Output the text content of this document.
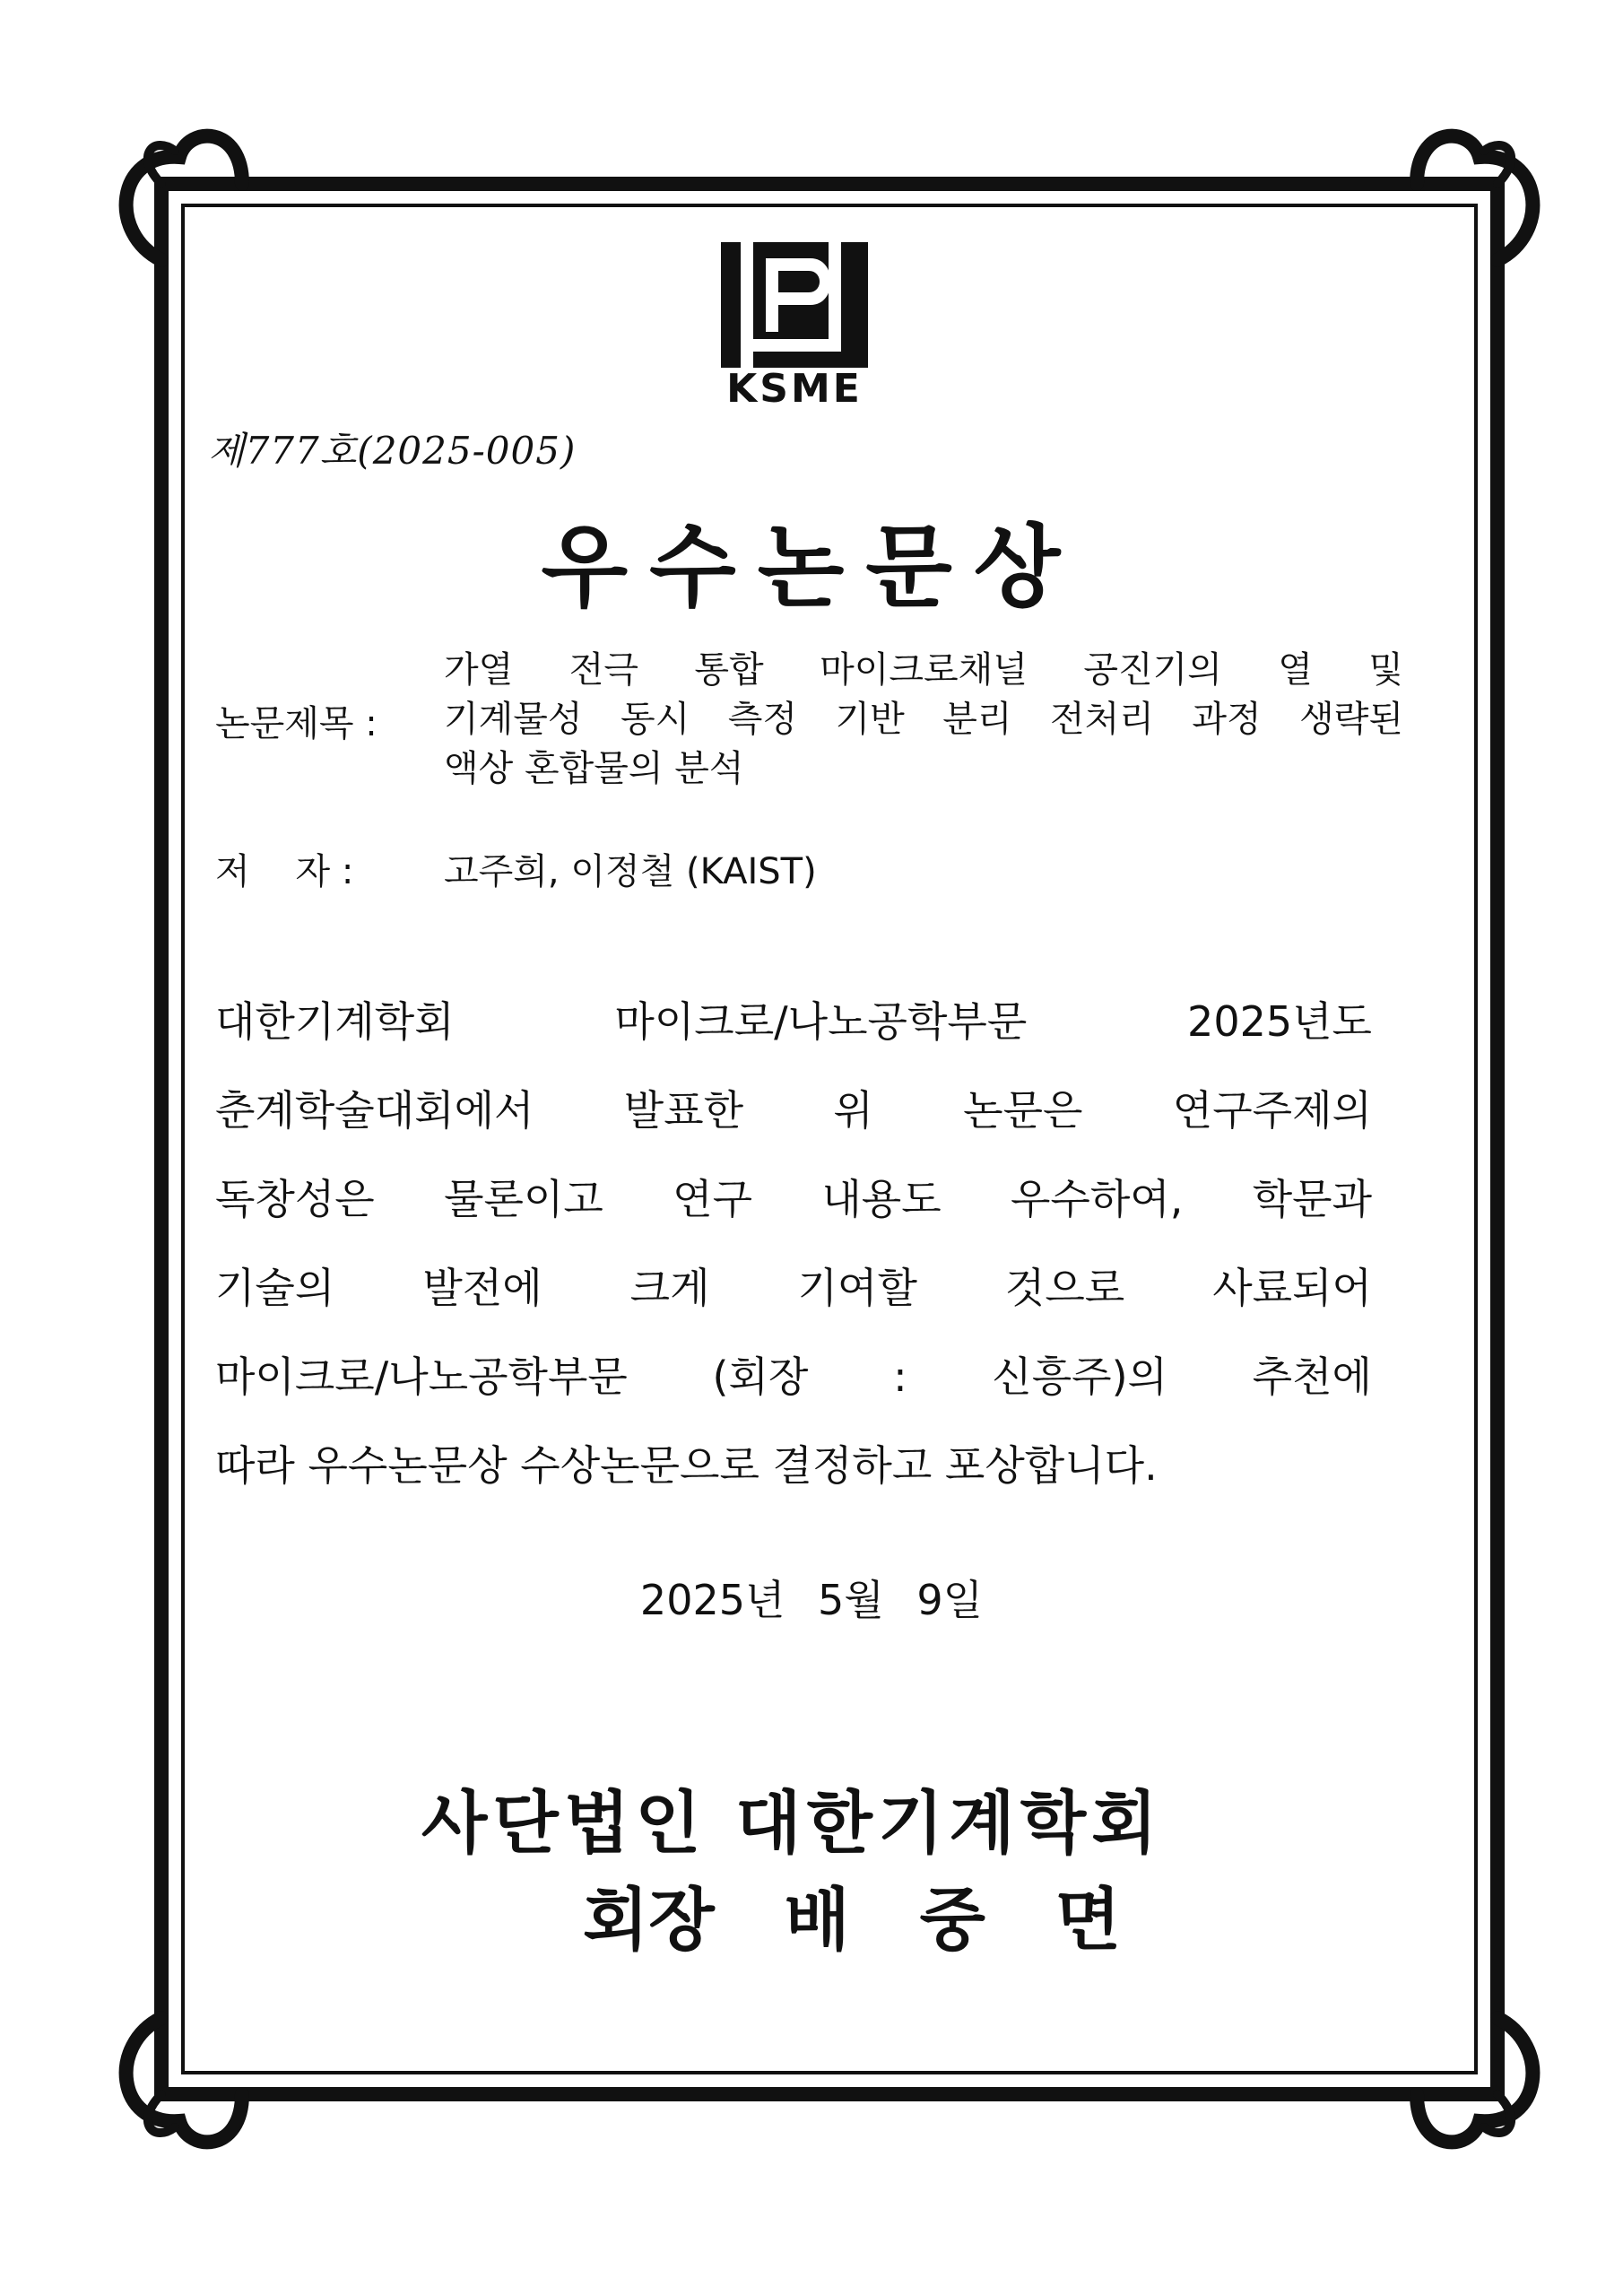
KSME
제777호(2025-005)
우수논문상
논문제목 :
가열 전극 통합 마이크로채널 공진기의 열 및
기계물성 동시 측정 기반 분리 전처리 과정 생략된
액상 혼합물의 분석
저    자 :	고주희, 이정철 (KAIST)
대한기계학회 마이크로/나노공학부문 2025년도
춘계학술대회에서 발표한 위 논문은 연구주제의
독창성은 물론이고 연구 내용도 우수하여, 학문과
기술의 발전에 크게 기여할 것으로 사료되어
마이크로/나노공학부문 (회장 : 신흥주)의 추천에
따라 우수논문상 수상논문으로 결정하고 포상합니다.
2025년 5월 9일
사단법인 대한기계학회
회장 배 중 면
